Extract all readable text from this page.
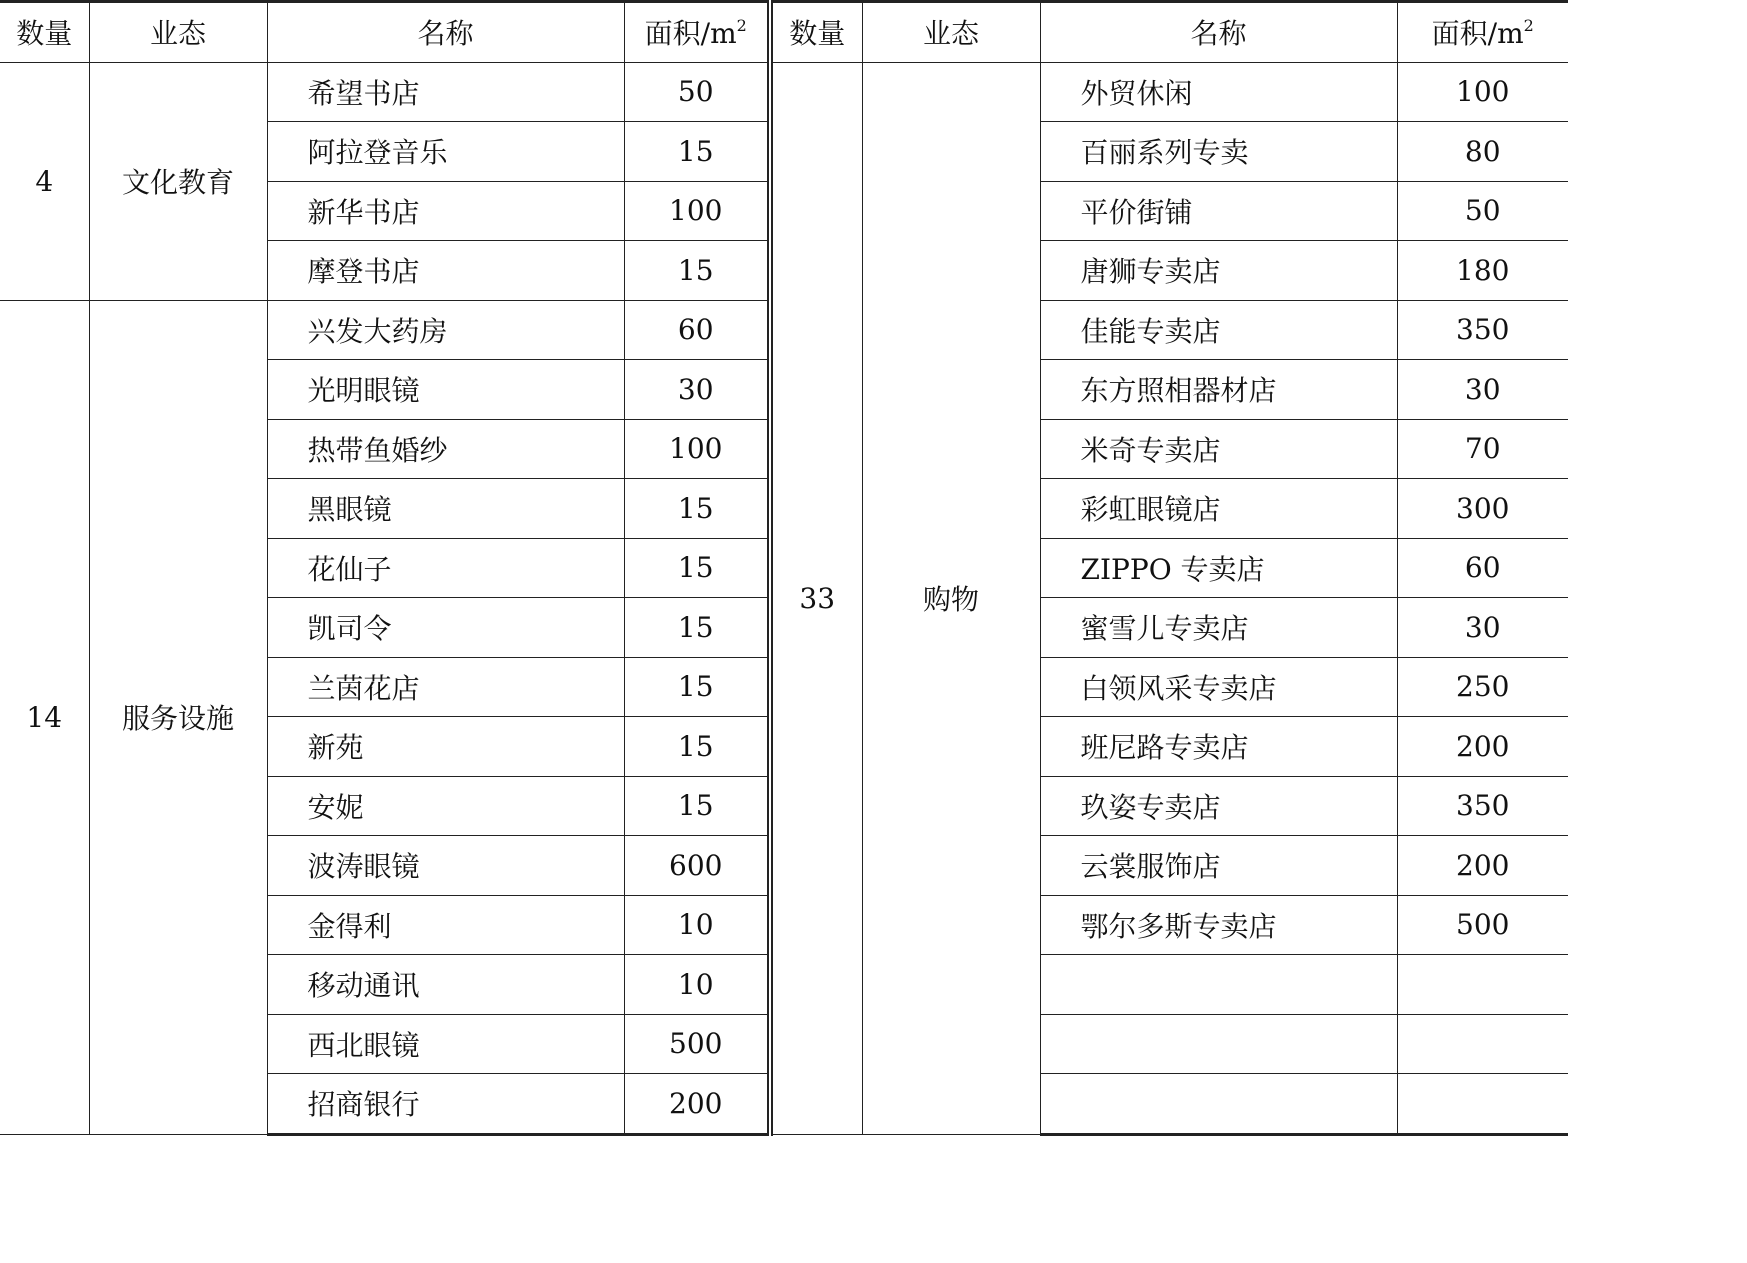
数量	业态	名称	面积$/m^2$	数量	业态	名称	面积$/m^2$
4	文化教育	希望书店	50	33	购物	外贸休闲	100
		阿拉登音乐	15			百丽系列专卖	80
		新华书店	100			平价街铺	50
		摩登书店	15			唐狮专卖店	180
14	服务设施	兴发大药房	60			佳能专卖店	350
		光明眼镜	30			东方照相器材店	30
		热带鱼婚纱	100			米奇专卖店	70
		黑眼镜	15			彩虹眼镜店	300
		花仙子	15			ZIPPO 专卖店	60
		凯司令	15			蜜雪儿专卖店	30
		兰茵花店	15			白领风采专卖店	250
		新苑	15			班尼路专卖店	200
		安妮	15			玖姿专卖店	350
		波涛眼镜	600			云裳服饰店	200
		金得利	10			鄂尔多斯专卖店	500
		移动通讯	10				
		西北眼镜	500				
		招商银行	200				
